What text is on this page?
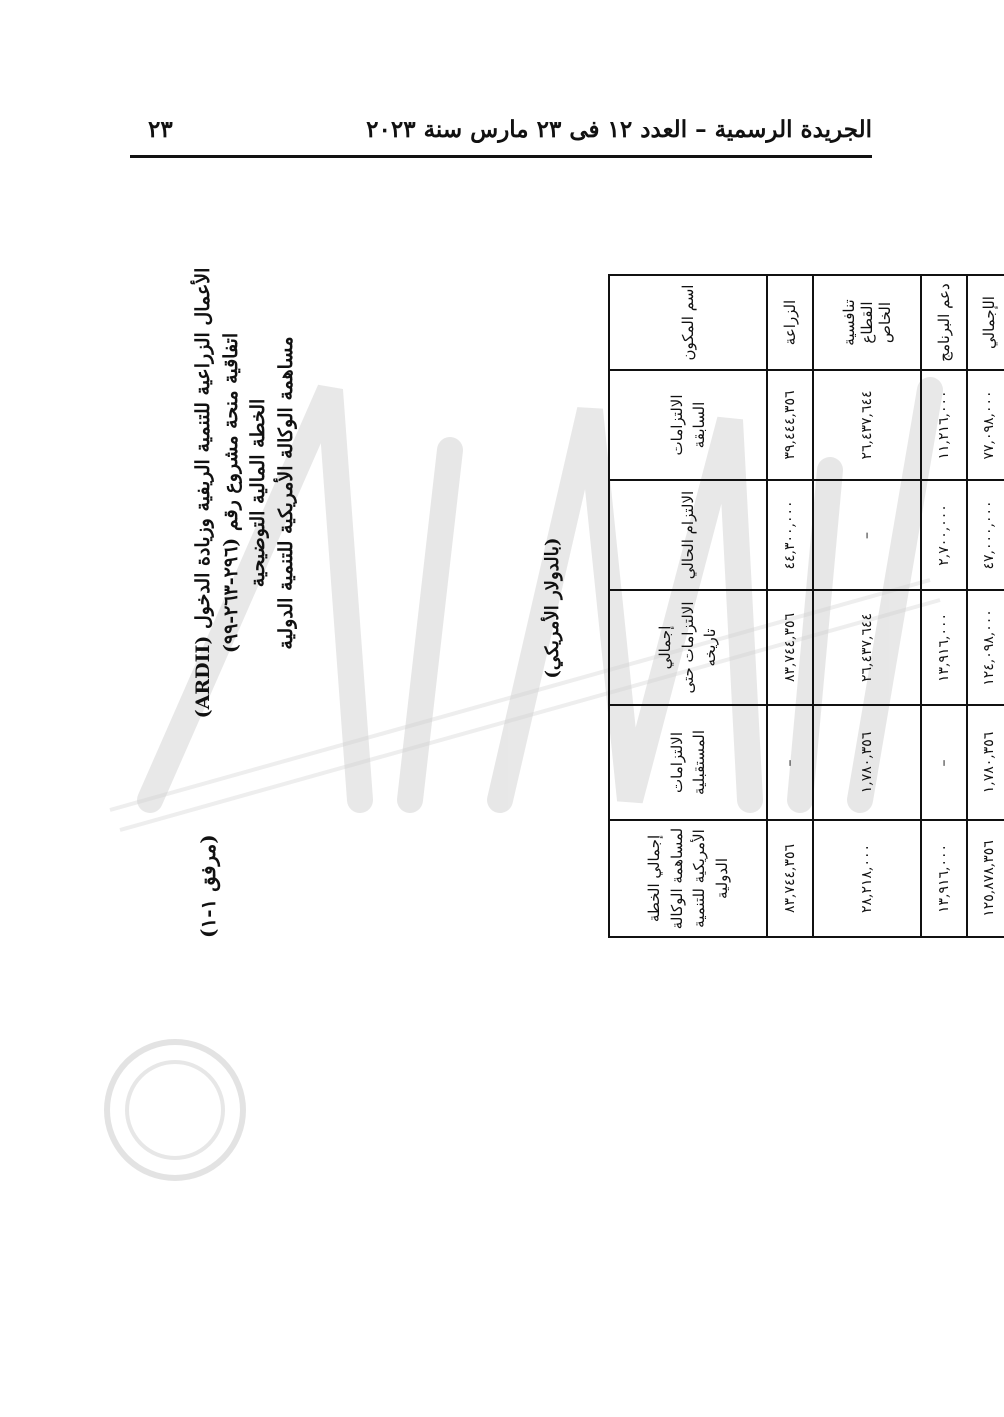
الجريدة الرسمية – العدد ١٢ فى ٢٣ مارس سنة ٢٠٢٣
٢٣
(مرفق ١-١)
الأعمال الزراعية للتنمية الريفية وزيادة الدخول (ARDII)
اتفاقية منحة مشروع رقم (٢٩٦-٢٦٣-٩٩) الخطة المالية التوضيحية مساهمة الوكالة الأمريكية للتنمية الدولية	(بالدولار الأمريكي)
اسم المكون	الالتزامات السابقة	الالتزام الحالي	إجمالي الالتزامات حتى تاريخه	الالتزامات المستقبلية	إجمالي الخطة لمساهمة الوكالة الأمريكية للتنمية الدولية
الزراعة	٣٩,٤٤٤,٣٥٦	٤٤,٣٠٠,٠٠٠	٨٣,٧٤٤,٣٥٦	–	٨٣,٧٤٤,٣٥٦
تنافسية القطاع الخاص	٢٦,٤٣٧,٦٤٤	–	٢٦,٤٣٧,٦٤٤	١,٧٨٠,٣٥٦	٢٨,٢١٨,٠٠٠
دعم البرنامج	١١,٢١٦,٠٠٠	٢,٧٠٠,٠٠٠	١٣,٩١٦,٠٠٠	–	١٣,٩١٦,٠٠٠
الإجمالي	٧٧,٠٩٨,٠٠٠	٤٧,٠٠٠,٠٠٠	١٢٤,٠٩٨,٠٠٠	١,٧٨٠,٣٥٦	١٢٥,٨٧٨,٣٥٦
